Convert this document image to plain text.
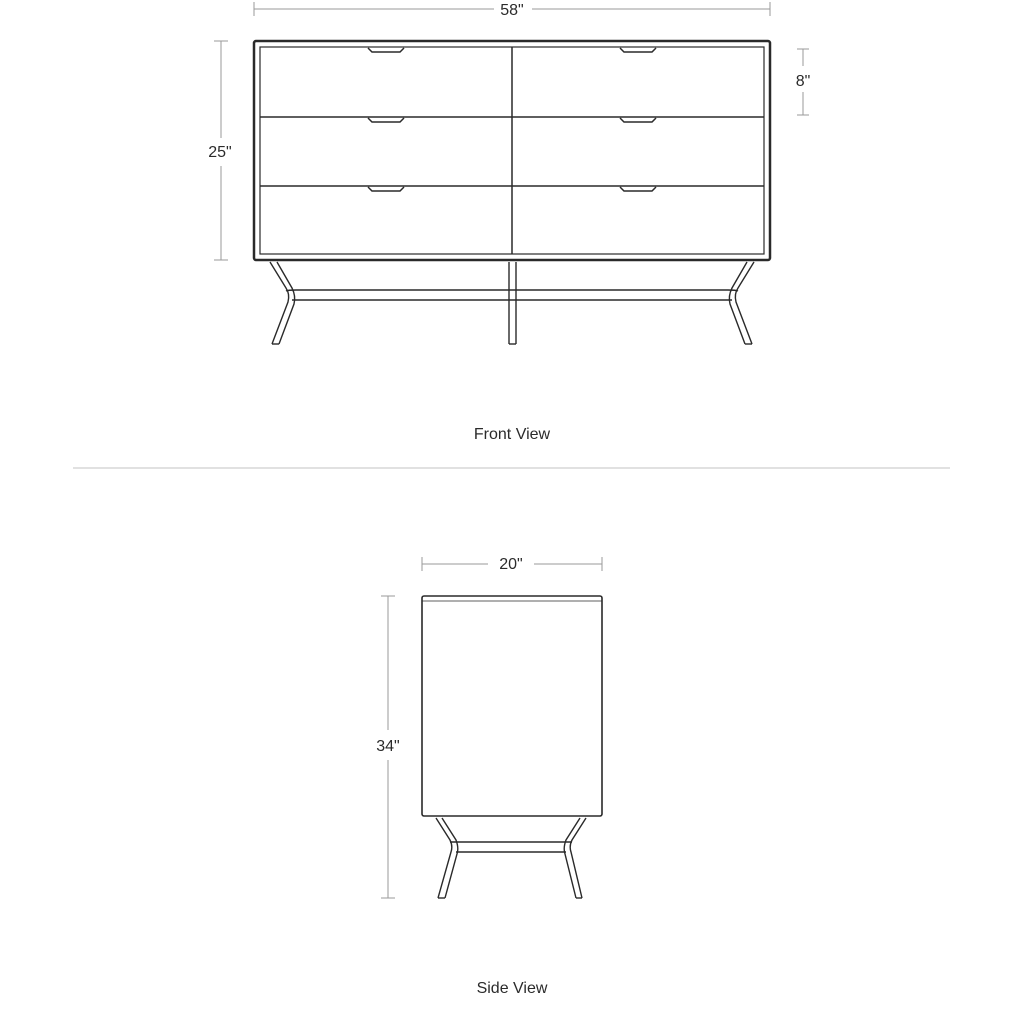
58"
25"
8"
Front View
20"
34"
Side View
